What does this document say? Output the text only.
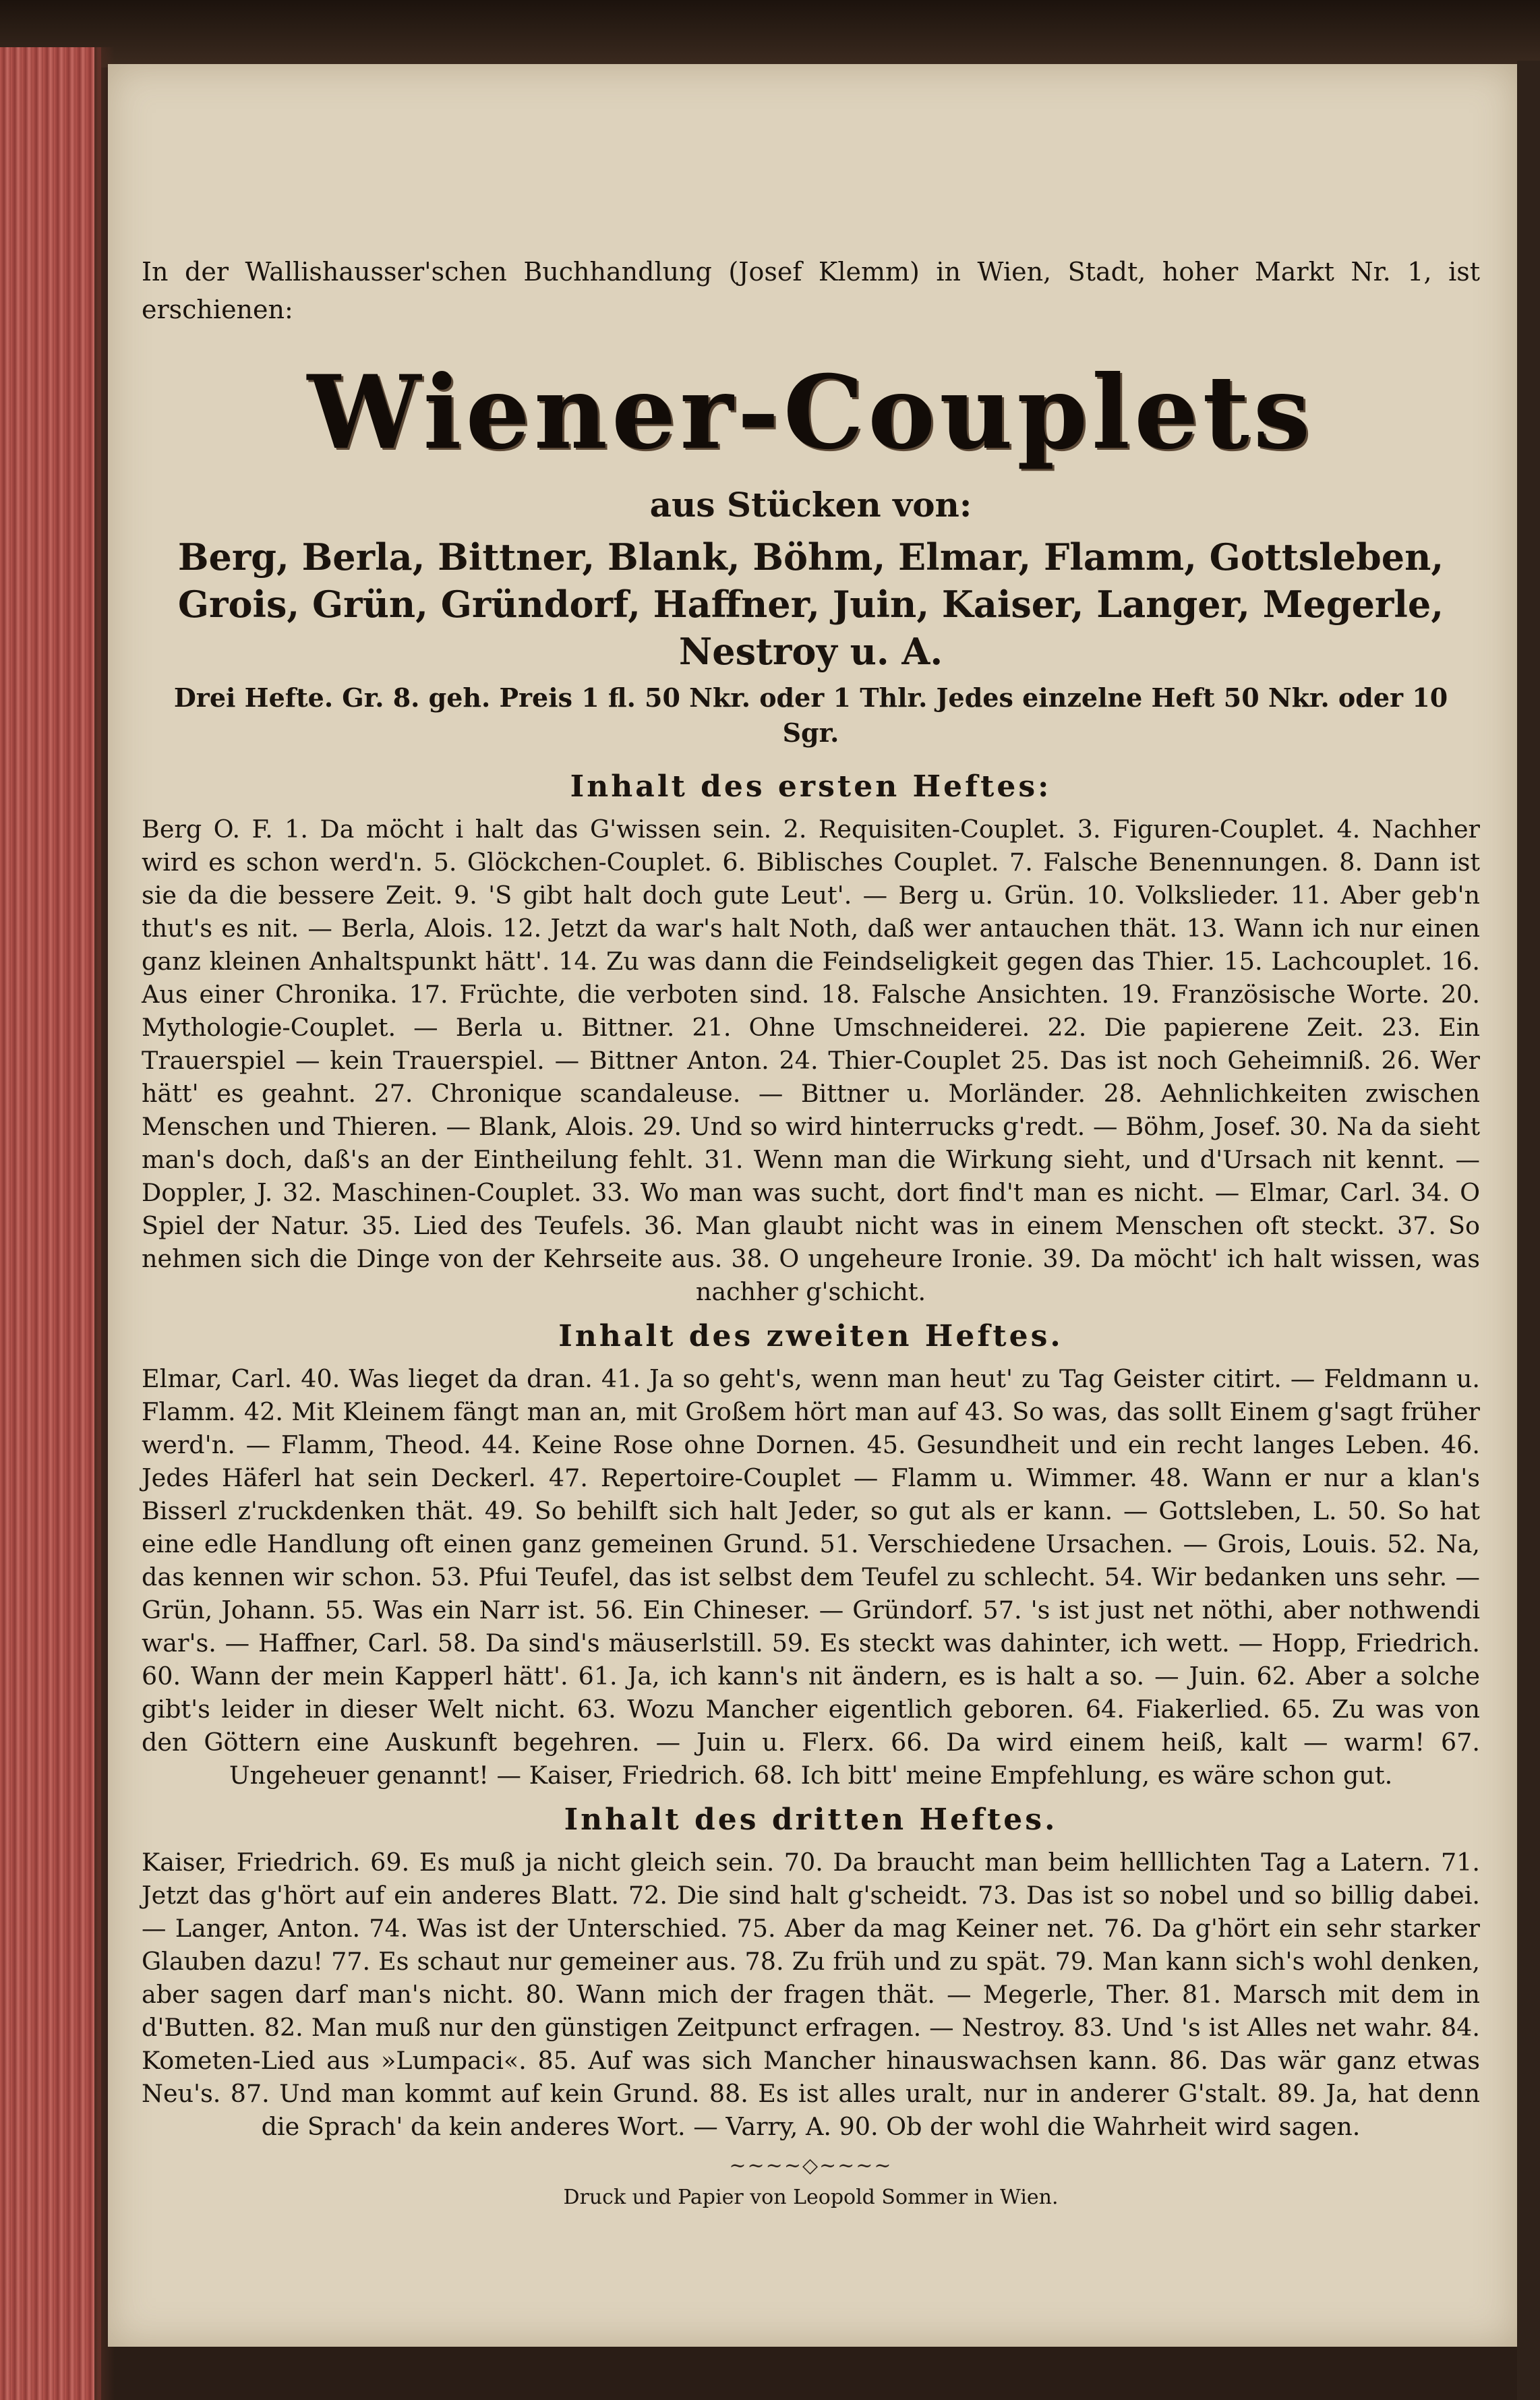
In der Wallishausser'schen Buchhandlung (Josef Klemm) in Wien, Stadt, hoher Markt Nr. 1, ist erschienen:

Wiener-Couplets

aus Stücken von:

Berg, Berla, Bittner, Blank, Böhm, Elmar, Flamm, Gottsleben, Grois, Grün, Gründorf, Haffner, Juin, Kaiser, Langer, Megerle, Nestroy u. A.

Drei Hefte. Gr. 8. geh. Preis 1 fl. 50 Nkr. oder 1 Thlr. Jedes einzelne Heft 50 Nkr. oder 10 Sgr.

Inhalt des ersten Heftes:

Berg O. F. 1. Da möcht i halt das G'wissen sein. 2. Requisiten-Couplet. 3. Figuren-Couplet. 4. Nachher wird es schon werd'n. 5. Glöckchen-Couplet. 6. Biblisches Couplet. 7. Falsche Benennungen. 8. Dann ist sie da die bessere Zeit. 9. 'S gibt halt doch gute Leut'. — Berg u. Grün. 10. Volkslieder. 11. Aber geb'n thut's es nit. — Berla, Alois. 12. Jetzt da war's halt Noth, daß wer antauchen thät. 13. Wann ich nur einen ganz kleinen Anhaltspunkt hätt'. 14. Zu was dann die Feindseligkeit gegen das Thier. 15. Lachcouplet. 16. Aus einer Chronika. 17. Früchte, die verboten sind. 18. Falsche Ansichten. 19. Französische Worte. 20. Mythologie-Couplet. — Berla u. Bittner. 21. Ohne Umschneiderei. 22. Die papierene Zeit. 23. Ein Trauerspiel — kein Trauerspiel. — Bittner Anton. 24. Thier-Couplet 25. Das ist noch Geheimniß. 26. Wer hätt' es geahnt. 27. Chronique scandaleuse. — Bittner u. Morländer. 28. Aehnlichkeiten zwischen Menschen und Thieren. — Blank, Alois. 29. Und so wird hinterrucks g'redt. — Böhm, Josef. 30. Na da sieht man's doch, daß's an der Eintheilung fehlt. 31. Wenn man die Wirkung sieht, und d'Ursach nit kennt. — Doppler, J. 32. Maschinen-Couplet. 33. Wo man was sucht, dort find't man es nicht. — Elmar, Carl. 34. O Spiel der Natur. 35. Lied des Teufels. 36. Man glaubt nicht was in einem Menschen oft steckt. 37. So nehmen sich die Dinge von der Kehrseite aus. 38. O ungeheure Ironie. 39. Da möcht' ich halt wissen, was nachher g'schicht.

Inhalt des zweiten Heftes.

Elmar, Carl. 40. Was lieget da dran. 41. Ja so geht's, wenn man heut' zu Tag Geister citirt. — Feldmann u. Flamm. 42. Mit Kleinem fängt man an, mit Großem hört man auf 43. So was, das sollt Einem g'sagt früher werd'n. — Flamm, Theod. 44. Keine Rose ohne Dornen. 45. Gesundheit und ein recht langes Leben. 46. Jedes Häferl hat sein Deckerl. 47. Repertoire-Couplet — Flamm u. Wimmer. 48. Wann er nur a klan's Bisserl z'ruckdenken thät. 49. So behilft sich halt Jeder, so gut als er kann. — Gottsleben, L. 50. So hat eine edle Handlung oft einen ganz gemeinen Grund. 51. Verschiedene Ursachen. — Grois, Louis. 52. Na, das kennen wir schon. 53. Pfui Teufel, das ist selbst dem Teufel zu schlecht. 54. Wir bedanken uns sehr. — Grün, Johann. 55. Was ein Narr ist. 56. Ein Chineser. — Gründorf. 57. 's ist just net nöthi, aber nothwendi war's. — Haffner, Carl. 58. Da sind's mäuserlstill. 59. Es steckt was dahinter, ich wett. — Hopp, Friedrich. 60. Wann der mein Kapperl hätt'. 61. Ja, ich kann's nit ändern, es is halt a so. — Juin. 62. Aber a solche gibt's leider in dieser Welt nicht. 63. Wozu Mancher eigentlich geboren. 64. Fiakerlied. 65. Zu was von den Göttern eine Auskunft begehren. — Juin u. Flerx. 66. Da wird einem heiß, kalt — warm! 67. Ungeheuer genannt! — Kaiser, Friedrich. 68. Ich bitt' meine Empfehlung, es wäre schon gut.

Inhalt des dritten Heftes.

Kaiser, Friedrich. 69. Es muß ja nicht gleich sein. 70. Da braucht man beim helllichten Tag a Latern. 71. Jetzt das g'hört auf ein anderes Blatt. 72. Die sind halt g'scheidt. 73. Das ist so nobel und so billig dabei. — Langer, Anton. 74. Was ist der Unterschied. 75. Aber da mag Keiner net. 76. Da g'hört ein sehr starker Glauben dazu! 77. Es schaut nur gemeiner aus. 78. Zu früh und zu spät. 79. Man kann sich's wohl denken, aber sagen darf man's nicht. 80. Wann mich der fragen thät. — Megerle, Ther. 81. Marsch mit dem in d'Butten. 82. Man muß nur den günstigen Zeitpunct erfragen. — Nestroy. 83. Und 's ist Alles net wahr. 84. Kometen-Lied aus »Lumpaci«. 85. Auf was sich Mancher hinauswachsen kann. 86. Das wär ganz etwas Neu's. 87. Und man kommt auf kein Grund. 88. Es ist alles uralt, nur in anderer G'stalt. 89. Ja, hat denn die Sprach' da kein anderes Wort. — Varry, A. 90. Ob der wohl die Wahrheit wird sagen.

~~~~◇~~~~

Druck und Papier von Leopold Sommer in Wien.
